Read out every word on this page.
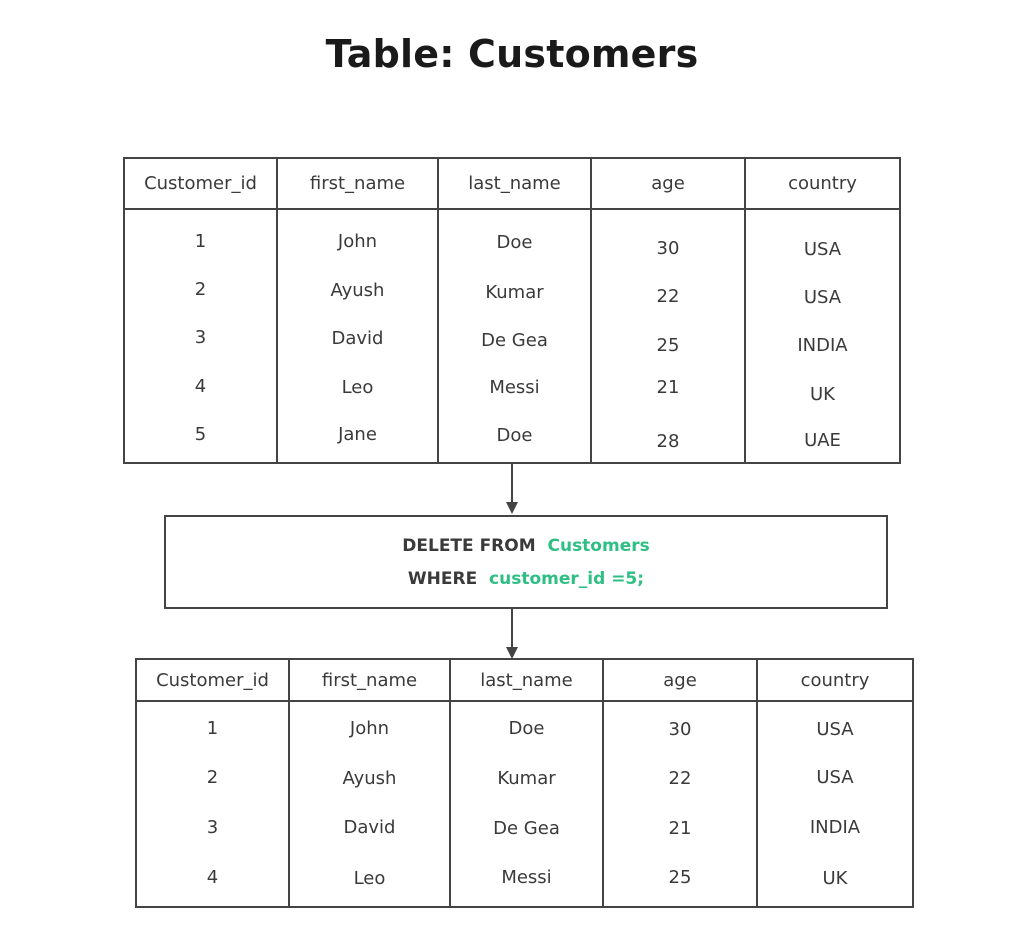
Table: Customers
Customer_id
1
2
3
4
5
first_name
John
Ayush
David
Leo
Jane
last_name
Doe
Kumar
De Gea
Messi
Doe
age
30
22
25
21
28
country
USA
USA
INDIA
UK
UAE
DELETE FROM Customers
WHERE customer_id =5;
Customer_id
1
2
3
4
first_name
John
Ayush
David
Leo
last_name
Doe
Kumar
De Gea
Messi
age
30
22
21
25
country
USA
USA
INDIA
UK
